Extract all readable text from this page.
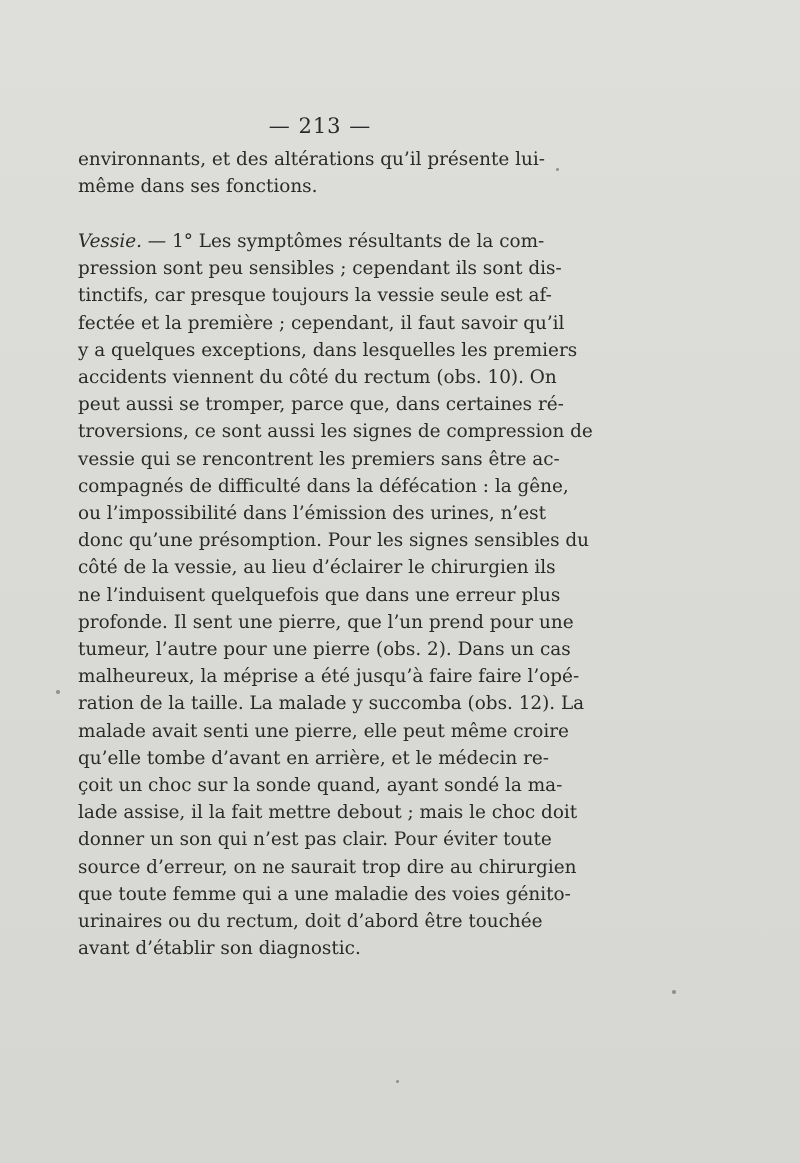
— 213 —
environnants, et des altérations qu’il présente lui-
même dans ses fonctions.
Vessie. — 1° Les symptômes résultants de la com-
pression sont peu sensibles ; cependant ils sont dis-
tinctifs, car presque toujours la vessie seule est af-
fectée et la première ; cependant, il faut savoir qu’il
y a quelques exceptions, dans lesquelles les premiers
accidents viennent du côté du rectum (obs. 10). On
peut aussi se tromper, parce que, dans certaines ré-
troversions, ce sont aussi les signes de compression de
vessie qui se rencontrent les premiers sans être ac-
compagnés de difficulté dans la défécation : la gêne,
ou l’impossibilité dans l’émission des urines, n’est
donc qu’une présomption. Pour les signes sensibles du
côté de la vessie, au lieu d’éclairer le chirurgien ils
ne l’induisent quelquefois que dans une erreur plus
profonde. Il sent une pierre, que l’un prend pour une
tumeur, l’autre pour une pierre (obs. 2). Dans un cas
malheureux, la méprise a été jusqu’à faire faire l’opé-
ration de la taille. La malade y succomba (obs. 12). La
malade avait senti une pierre, elle peut même croire
qu’elle tombe d’avant en arrière, et le médecin re-
çoit un choc sur la sonde quand, ayant sondé la ma-
lade assise, il la fait mettre debout ; mais le choc doit
donner un son qui n’est pas clair. Pour éviter toute
source d’erreur, on ne saurait trop dire au chirurgien
que toute femme qui a une maladie des voies génito-
urinaires ou du rectum, doit d’abord être touchée
avant d’établir son diagnostic.
